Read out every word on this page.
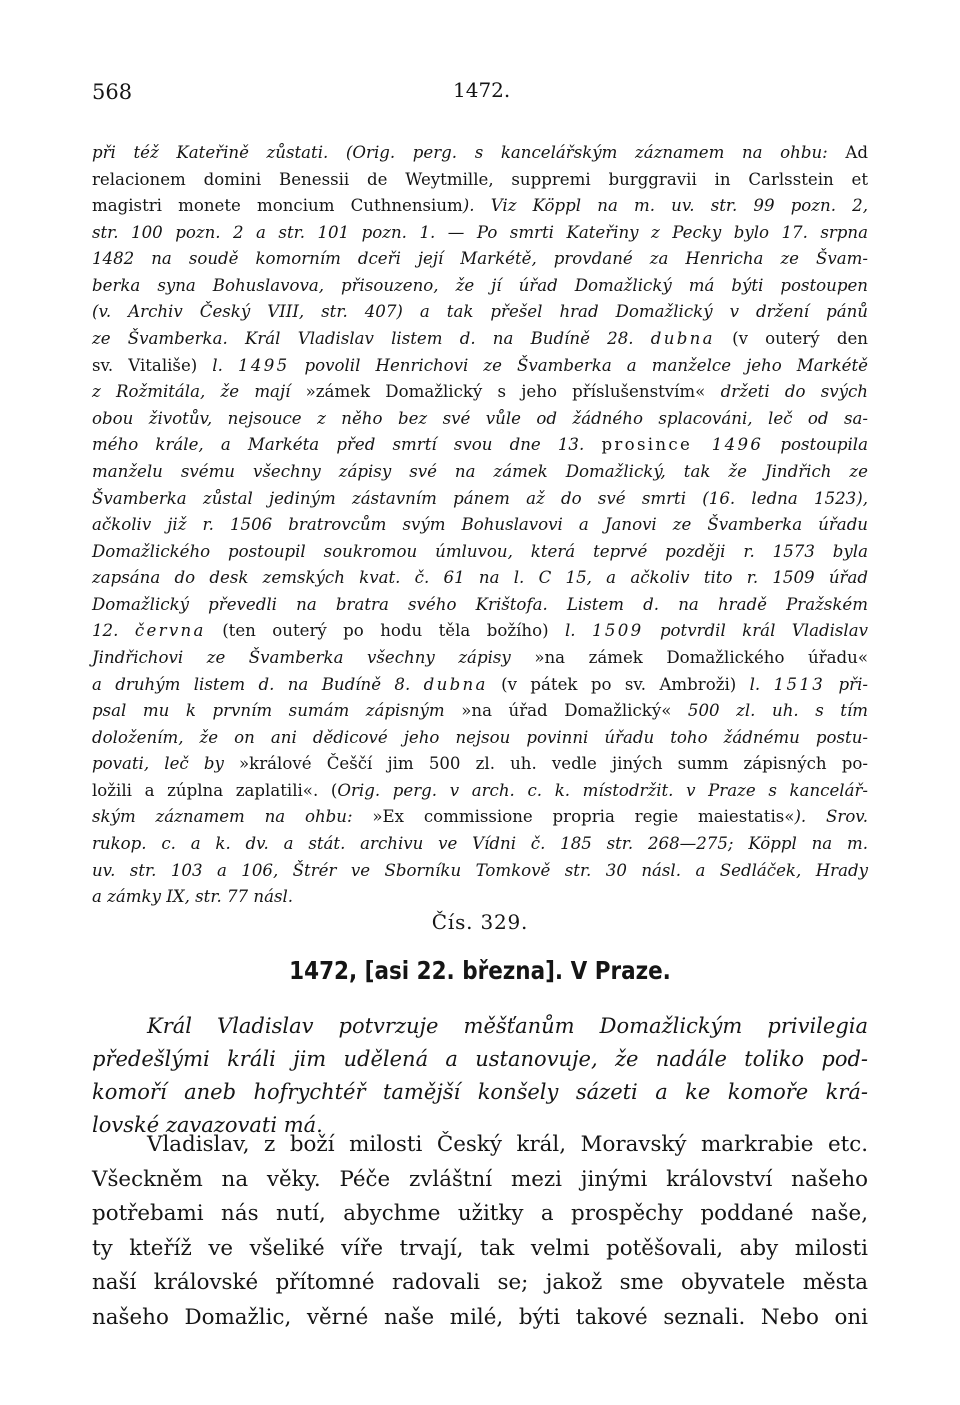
568	1472.
při též Kateřině zůstati. (Orig. perg. s kancelářským záznamem na ohbu: Ad
relacionem domini Benessii de Weytmille, suppremi burggravii in Carlsstein et
magistri monete moncium Cuthnensium). Viz Köppl na m. uv. str. 99 pozn. 2,
str. 100 pozn. 2 a str. 101 pozn. 1. — Po smrti Kateřiny z Pecky bylo 17. srpna
1482 na soudě komorním dceři její Markétě, provdané za Henricha ze Švam-
berka syna Bohuslavova, přisouzeno, že jí úřad Domažlický má býti postoupen
(v. Archiv Český VIII, str. 407) a tak přešel hrad Domažlický v držení pánů
ze Švamberka. Král Vladislav listem d. na Budíně 28. dubna (v outerý den
sv. Vitališe) l. 1495 povolil Henrichovi ze Švamberka a manželce jeho Markétě
z Rožmitála, že mají »zámek Domažlický s jeho příslušenstvím« držeti do svých
obou životův, nejsouce z něho bez své vůle od žádného splacováni, leč od sa-
mého krále, a Markéta před smrtí svou dne 13. prosince 1496 postoupila
manželu svému všechny zápisy své na zámek Domažlický, tak že Jindřich ze
Švamberka zůstal jediným zástavním pánem až do své smrti (16. ledna 1523),
ačkoliv již r. 1506 bratrovcům svým Bohuslavovi a Janovi ze Švamberka úřadu
Domažlického postoupil soukromou úmluvou, která teprvé později r. 1573 byla
zapsána do desk zemských kvat. č. 61 na l. C 15, a ačkoliv tito r. 1509 úřad
Domažlický převedli na bratra svého Krištofa. Listem d. na hradě Pražském
12. června (ten outerý po hodu těla božího) l. 1509 potvrdil král Vladislav
Jindřichovi ze Švamberka všechny zápisy »na zámek Domažlického úřadu«
a druhým listem d. na Budíně 8. dubna (v pátek po sv. Ambroži) l. 1513 při-
psal mu k prvním sumám zápisným »na úřad Domažlický« 500 zl. uh. s tím
doložením, že on ani dědicové jeho nejsou povinni úřadu toho žádnému postu-
povati, leč by »králové Češčí jim 500 zl. uh. vedle jiných summ zápisných po-
ložili a zúplna zaplatili«. (Orig. perg. v arch. c. k. místodržit. v Praze s kancelář-
ským záznamem na ohbu: »Ex commissione propria regie maiestatis«). Srov.
rukop. c. a k. dv. a stát. archivu ve Vídni č. 185 str. 268—275; Köppl na m.
uv. str. 103 a 106, Štrér ve Sborníku Tomkově str. 30 násl. a Sedláček, Hrady
a zámky IX, str. 77 násl.
Čís. 329.
1472, [asi 22. března]. V Praze.
Král Vladislav potvrzuje měšťanům Domažlickým privilegia
předešlými králi jim udělená a ustanovuje, že nadále toliko pod-
komoří aneb hofrychtéř tamější konšely sázeti a ke komoře krá-
lovské zavazovati má.
Vladislav, z boží milosti Český král, Moravský markrabie etc.
Všeckněm na věky. Péče zvláštní mezi jinými království našeho
potřebami nás nutí, abychme užitky a prospěchy poddané naše,
ty kteříž ve všeliké víře trvají, tak velmi potěšovali, aby milosti
naší královské přítomné radovali se; jakož sme obyvatele města
našeho Domažlic, věrné naše milé, býti takové seznali. Nebo oni
